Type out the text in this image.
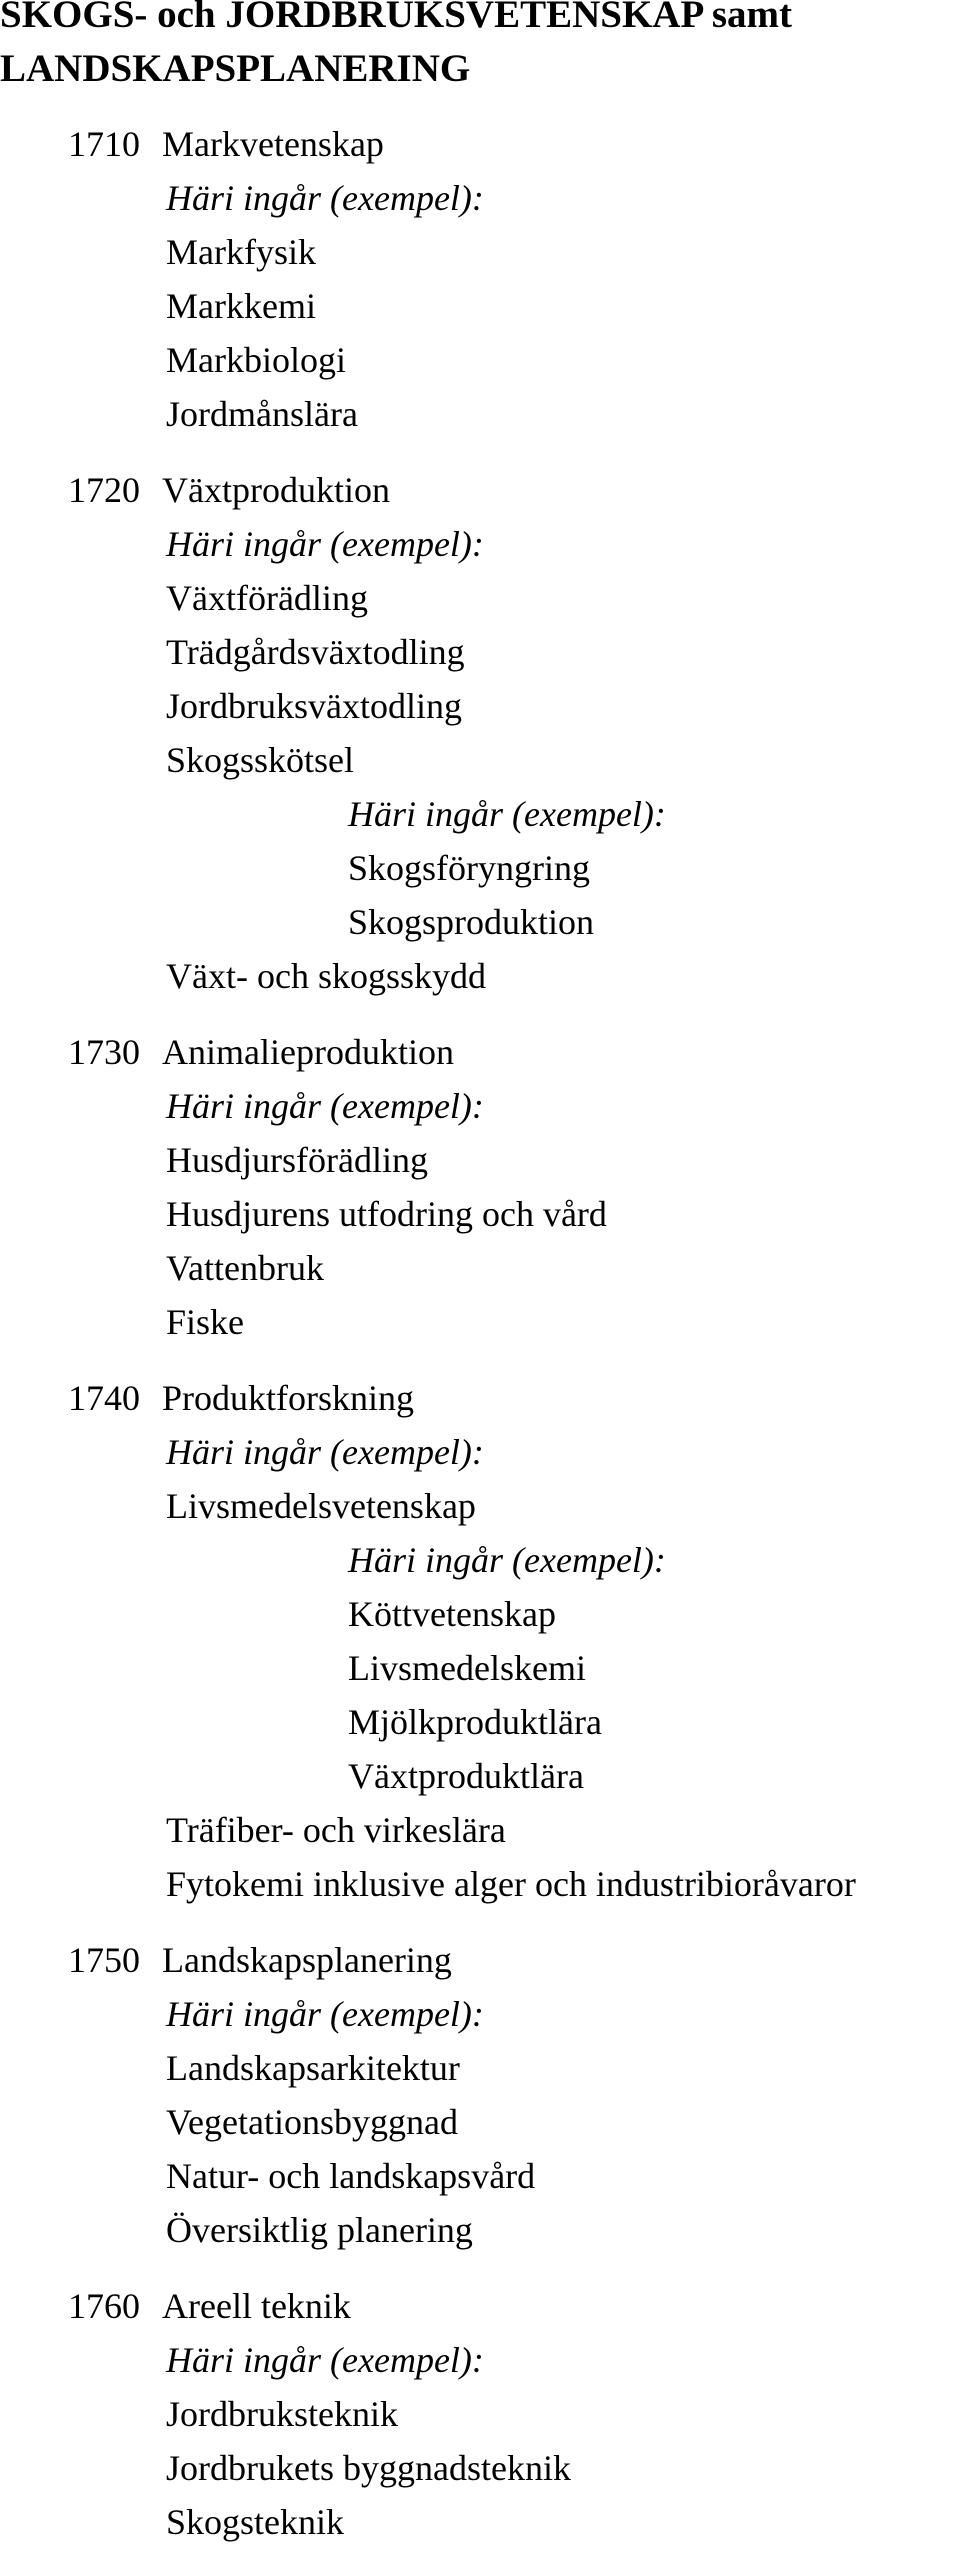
SKOGS- och JORDBRUKSVETENSKAP samt
LANDSKAPSPLANERING

1710 Markvetenskap

Häri ingår (exempel):

Markfysik

Markkemi

Markbiologi

Jordmånslära

1720 Växtproduktion

Häri ingår (exempel):

Växtförädling

Trädgårdsväxtodling

Jordbruksväxtodling

Skogsskötsel

Häri ingår (exempel):

Skogsföryngring

Skogsproduktion

Växt- och skogsskydd

1730 Animalieproduktion

Häri ingår (exempel):

Husdjursförädling

Husdjurens utfodring och vård

Vattenbruk

Fiske

1740 Produktforskning

Häri ingår (exempel):

Livsmedelsvetenskap

Häri ingår (exempel):

Köttvetenskap

Livsmedelskemi

Mjölkproduktlära

Växtproduktlära

Träfiber- och virkeslära

Fytokemi inklusive alger och industribioråvaror

1750 Landskapsplanering

Häri ingår (exempel):

Landskapsarkitektur

Vegetationsbyggnad

Natur- och landskapsvård

Översiktlig planering

1760 Areell teknik

Häri ingår (exempel):

Jordbruksteknik

Jordbrukets byggnadsteknik

Skogsteknik
